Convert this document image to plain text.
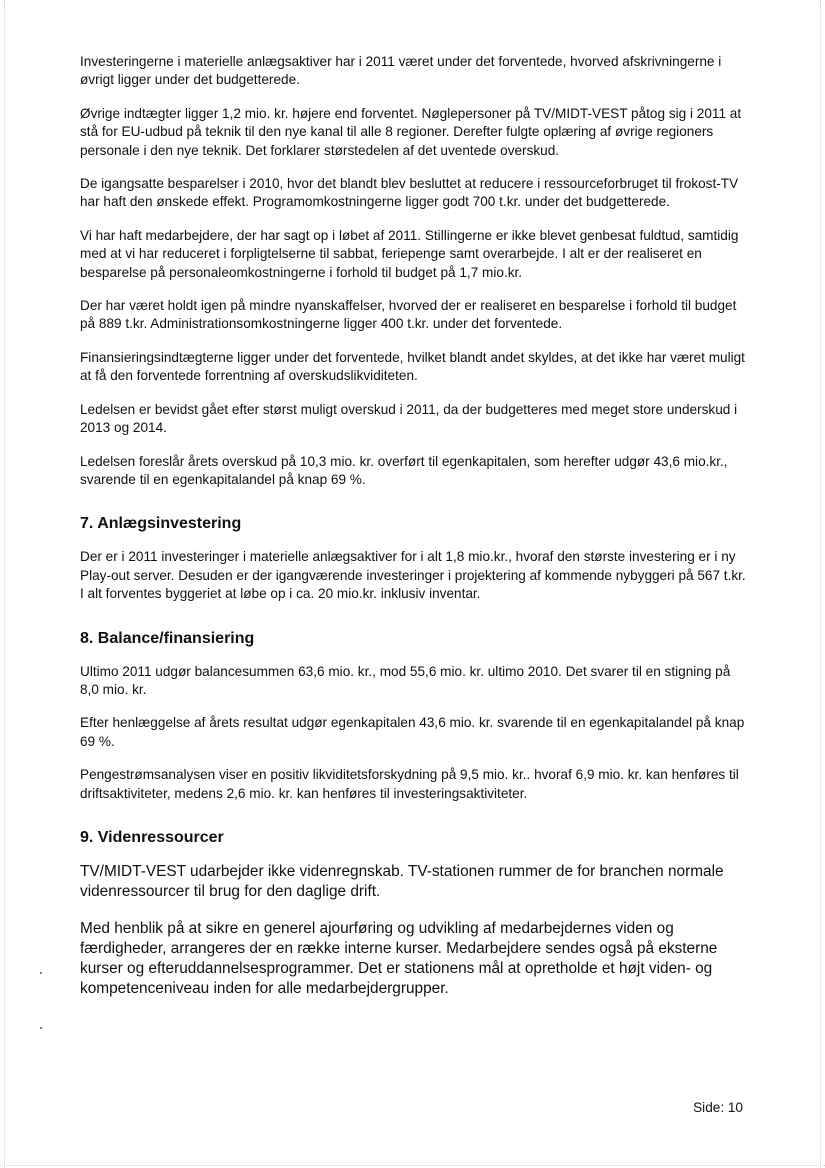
Investeringerne i materielle anlægsaktiver har i 2011 været under det forventede, hvorved afskrivningerne i øvrigt ligger under det budgetterede.

Øvrige indtægter ligger 1,2 mio. kr. højere end forventet. Nøglepersoner på TV/MIDT-VEST påtog sig i 2011 at stå for EU-udbud på teknik til den nye kanal til alle 8 regioner. Derefter fulgte oplæring af øvrige regioners personale i den nye teknik. Det forklarer størstedelen af det uventede overskud.

De igangsatte besparelser i 2010, hvor det blandt blev besluttet at reducere i ressourceforbruget til frokost-TV har haft den ønskede effekt. Programomkostningerne ligger godt 700 t.kr. under det budgetterede.

Vi har haft medarbejdere, der har sagt op i løbet af 2011. Stillingerne er ikke blevet genbesat fuldtud, samtidig med at vi har reduceret i forpligtelserne til sabbat, feriepenge samt overarbejde. I alt er der realiseret en besparelse på personaleomkostningerne i forhold til budget på 1,7 mio.kr.

Der har været holdt igen på mindre nyanskaffelser, hvorved der er realiseret en besparelse i forhold til budget på 889 t.kr. Administrationsomkostningerne ligger 400 t.kr. under det forventede.

Finansieringsindtægterne ligger under det forventede, hvilket blandt andet skyldes, at det ikke har været muligt at få den forventede forrentning af overskudslikviditeten.

Ledelsen er bevidst gået efter størst muligt overskud i 2011, da der budgetteres med meget store underskud i 2013 og 2014.

Ledelsen foreslår årets overskud på 10,3 mio. kr. overført til egenkapitalen, som herefter udgør 43,6 mio.kr., svarende til en egenkapitalandel på knap 69 %.

7. Anlægsinvestering

Der er i 2011 investeringer i materielle anlægsaktiver for i alt 1,8 mio.kr., hvoraf den største investering er i ny Play-out server. Desuden er der igangværende investeringer i projektering af kommende nybyggeri på 567 t.kr. I alt forventes byggeriet at løbe op i ca. 20 mio.kr. inklusiv inventar.

8. Balance/finansiering

Ultimo 2011 udgør balancesummen 63,6 mio. kr., mod 55,6 mio. kr. ultimo 2010. Det svarer til en stigning på 8,0 mio. kr.

Efter henlæggelse af årets resultat udgør egenkapitalen 43,6 mio. kr. svarende til en egenkapitalandel på knap 69 %.

Pengestrømsanalysen viser en positiv likviditetsforskydning på 9,5 mio. kr.. hvoraf 6,9 mio. kr. kan henføres til driftsaktiviteter, medens 2,6 mio. kr. kan henføres til investeringsaktiviteter.

9. Videnressourcer

TV/MIDT-VEST udarbejder ikke videnregnskab. TV-stationen rummer de for branchen normale videnressourcer til brug for den daglige drift.

Med henblik på at sikre en generel ajourføring og udvikling af medarbejdernes viden og færdigheder, arrangeres der en række interne kurser. Medarbejdere sendes også på eksterne kurser og efteruddannelsesprogrammer. Det er stationens mål at opretholde et højt viden- og kompetenceniveau inden for alle medarbejdergrupper.

Side: 10
